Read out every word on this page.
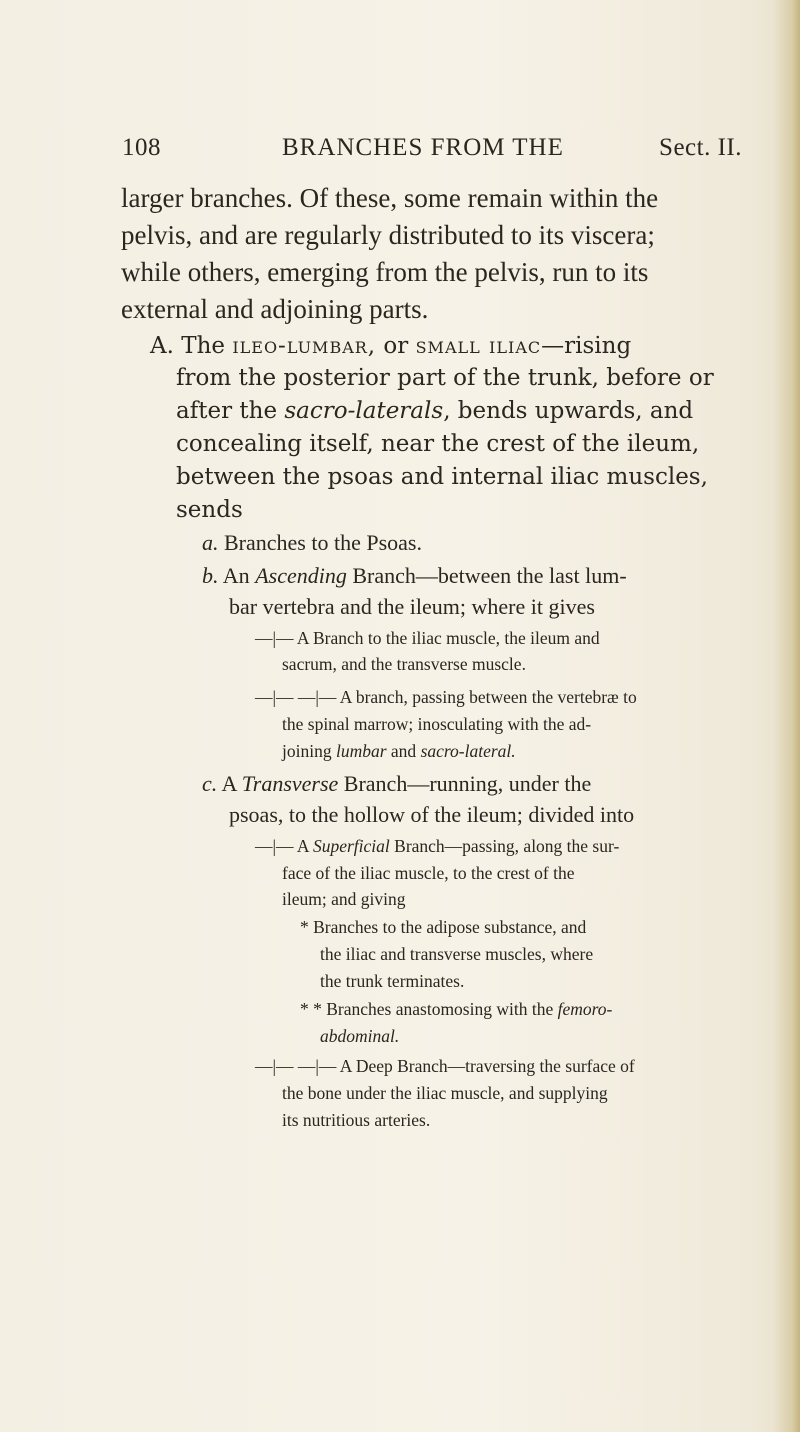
108	BRANCHES FROM THE	Sect. II.
larger branches. Of these, some remain within the
pelvis, and are regularly distributed to its viscera;
while others, emerging from the pelvis, run to its
external and adjoining parts.
A. The ileo-lumbar, or small iliac—rising
from the posterior part of the trunk, before or
after the sacro-laterals, bends upwards, and
concealing itself, near the crest of the ileum,
between the psoas and internal iliac muscles,
sends
a. Branches to the Psoas.
b. An Ascending Branch—between the last lum-
bar vertebra and the ileum; where it gives
—|— A Branch to the iliac muscle, the ileum and
sacrum, and the transverse muscle.
—|— —|— A branch, passing between the vertebræ to
the spinal marrow; inosculating with the ad-
joining lumbar and sacro-lateral.
c. A Transverse Branch—running, under the
psoas, to the hollow of the ileum; divided into
—|— A Superficial Branch—passing, along the sur-
face of the iliac muscle, to the crest of the
ileum; and giving
* Branches to the adipose substance, and
the iliac and transverse muscles, where
the trunk terminates.
* * Branches anastomosing with the femoro-
abdominal.
—|— —|— A Deep Branch—traversing the surface of
the bone under the iliac muscle, and supplying
its nutritious arteries.
